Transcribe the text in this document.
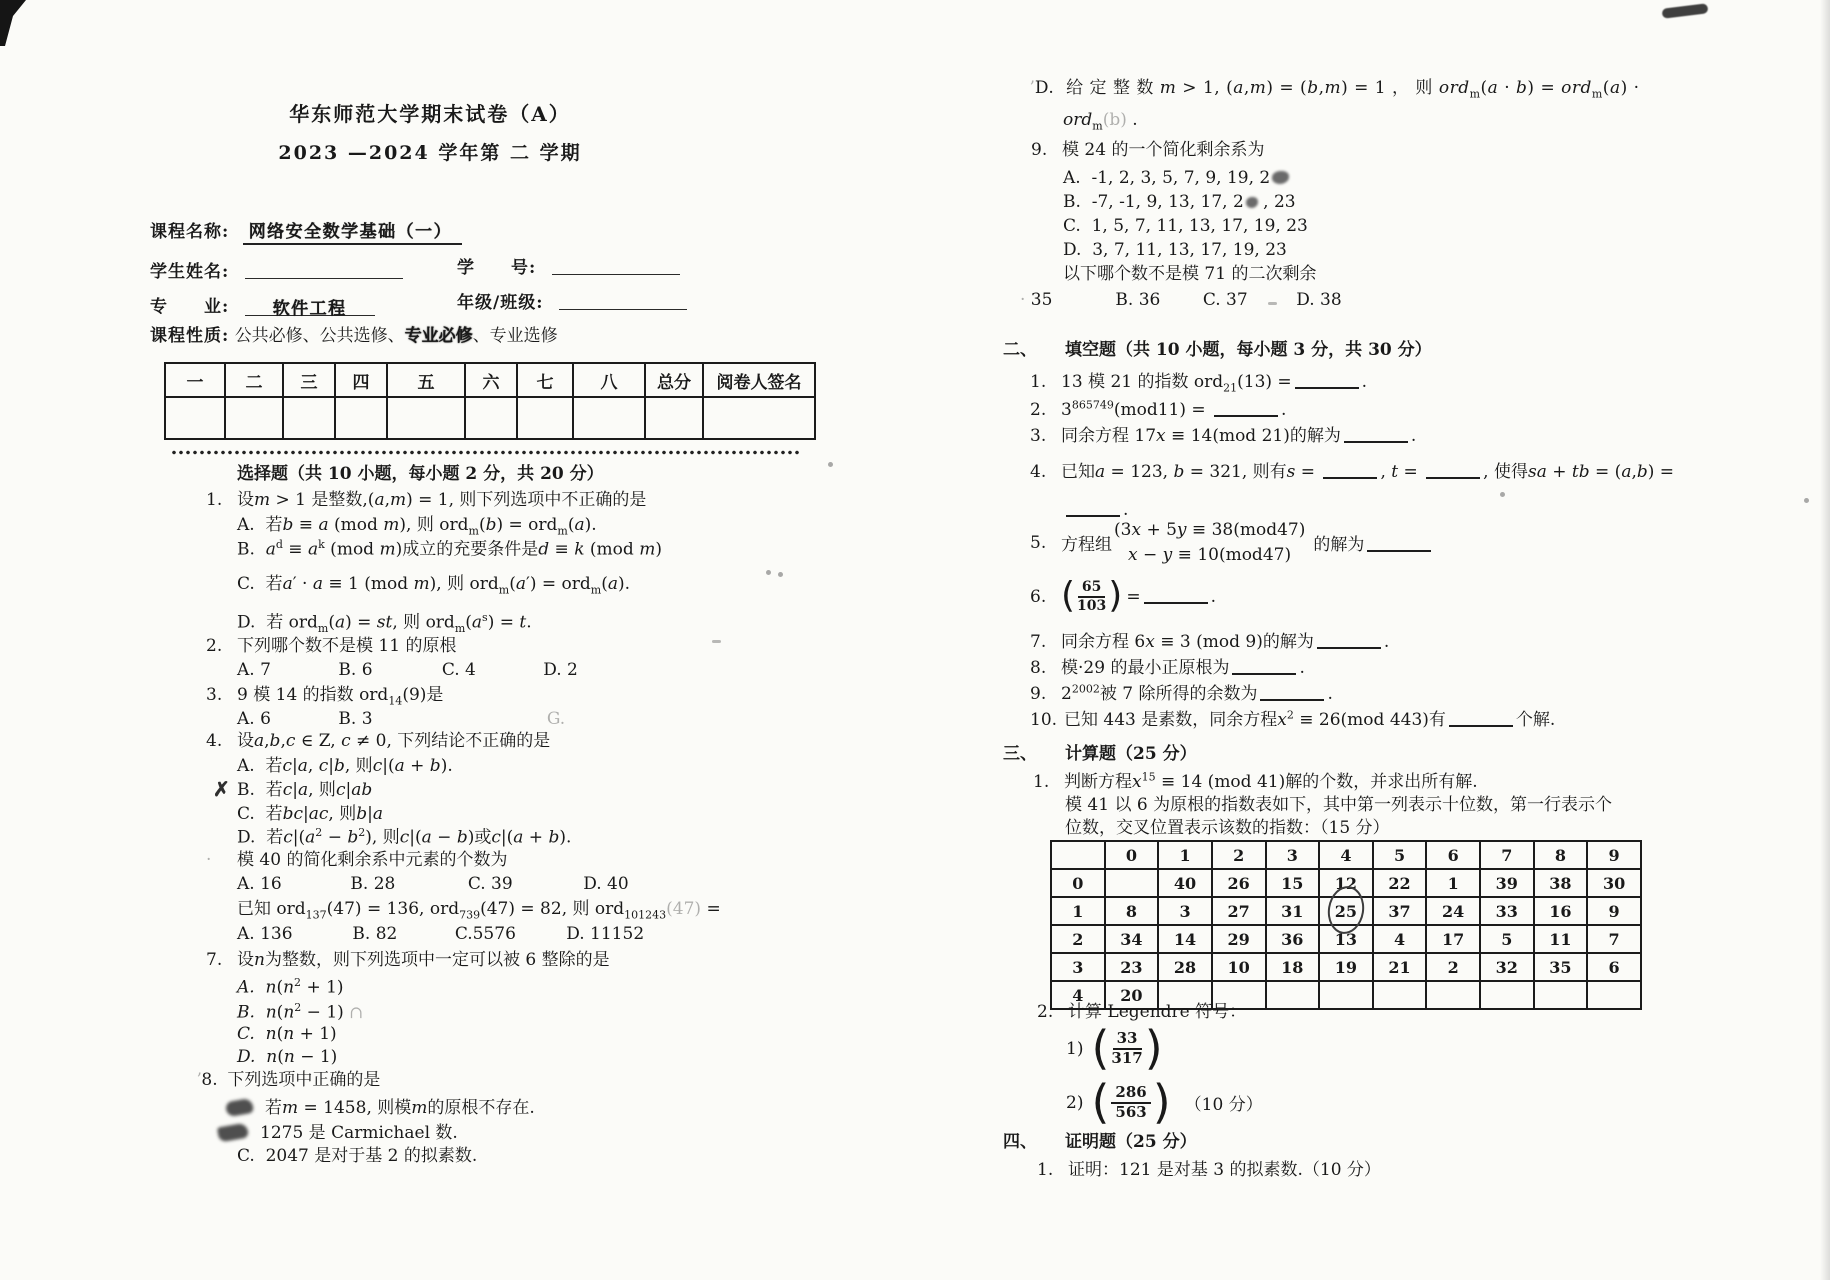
华东师范大学期末试卷（A）
2023 —2024 学年第 二 学期
课程名称: 网络安全数学基础（一）
学生姓名:	学　　号:
专　　业:	软件工程	年级/班级:
课程性质: 公共必修、公共选修、专业必修、专业选修
一	二	三	四	五	六	七	八	总分	阅卷人签名

选择题（共 10 小题，每小题 2 分，共 20 分）
1. 设m > 1 是整数,(a,m) = 1, 则下列选项中不正确的是
A.  若b ≡ a (mod m), 则 ord$_m$(b) = ord$_m$(a).
B.  $a^d \equiv a^k$ (mod m)成立的充要条件是d ≡ k (mod m)
C.  若a′ · a ≡ 1 (mod m), 则 ord$_m$(a′) = ord$_m$(a).
D.  若 ord$_m$(a) = st, 则 $ord_m(a^s) = t$.
2. 下列哪个数不是模 11 的原根
A. 7	B. 6	C. 4	D. 2
3. 9 模 14 的指数 ord$_{14}$(9)是
A. 6	B. 3	G.
4. 设a,b,c ∈ Z, c ≠ 0, 下列结论不正确的是
A.  若c|a, c|b, 则c|(a + b).
✗ B.  若c|a, 则c|ab
C.  若bc|ac, 则b|a
D.  若$c|(a^2 - b^2)$, 则c|(a − b)或c|(a + b).
· 模 40 的简化剩余系中元素的个数为
A. 16	B. 28	C. 39	D. 40
已知 ord$_{137}$(47) = 136, ord$_{739}$(47) = 82, 则 ord$_{101243}$(47) =
A. 136	B. 82	C.5576	D. 11152
7. 设n为整数，则下列选项中一定可以被 6 整除的是
A. $n(n^2 + 1)$
B. $n(n^2 - 1)$ ∩
C. n(n + 1)
D. n(n − 1)
ʼ8. 下列选项中正确的是
若m = 1458, 则模m的原根不存在.
1275 是 Carmichael 数.
C.  2047 是对于基 2 的拟素数.
ʼD.  给 定 整 数 m > 1, (a,m) = (b,m) = 1 ， 则 ord$_m$(a · b) = ord$_m$(a) ·
ord$_m$(b) .
9. 模 24 的一个简化剩余系为
A.  -1, 2, 3, 5, 7, 9, 19, 2
B.  -7, -1, 9, 13, 17, 2 , 23
C.  1, 5, 7, 11, 13, 17, 19, 23
D.  3, 7, 11, 13, 17, 19, 23
以下哪个数不是模 71 的二次剩余
· 35	B. 36 C. 37	D. 38
二、 填空题（共 10 小题，每小题 3 分，共 30 分）
1. 13 模 21 的指数 ord$_{21}$(13) =	.
2. $3^{865749}(mod11)$ =	.
3. 同余方程 17x ≡ 14(mod 21)的解为	.
4. 已知a = 123, b = 321, 则有s =	, t =	, 使得sa + tb = (a,b) =
.
5. 方程组
(3x + 5y ≡ 38(mod47)
x − y ≡ 10(mod47)	的解为
6. ( $\frac{65}{103}$ ) =	.
7. 同余方程 6x ≡ 3 (mod 9)的解为	.
8. 模·29 的最小正原根为	.
9. $2^{2002}$被 7 除所得的余数为	.
10. 已知 443 是素数，同余方程$x^2 \equiv 26(mod$ 443)有	个解.
三、 计算题（25 分）
1. 判断方程$x^{15} \equiv 14$ (mod 41)解的个数，并求出所有解.
模 41 以 6 为原根的指数表如下，其中第一列表示十位数，第一行表示个
位数，交叉位置表示该数的指数：（15 分）
	0	1	2	3	4	5	6	7	8	9
0		40	26	15	12	22	1	39	38	30
1	8	3	27	31	25	37	24	33	16	9
2	34	14	29	36	13	4	17	5	11	7
3	23	28	10	18	19	21	2	32	35	6
4	20									
2. 计算 Legendre 符号：
1) ( $\frac{33}{317}$ )
2) ( $\frac{286}{563}$ ) （10 分）
四、 证明题（25 分）
1. 证明：121 是对基 3 的拟素数.（10 分）
